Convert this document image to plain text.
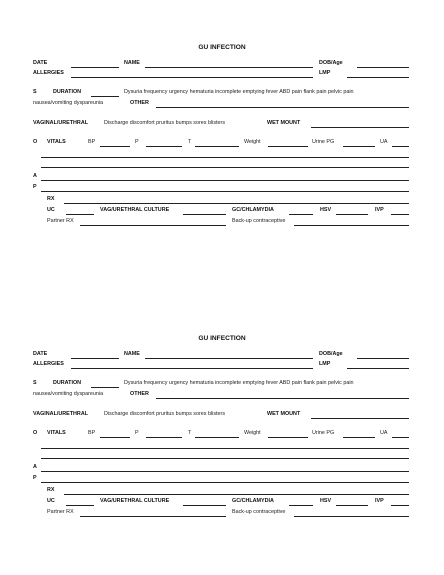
GU INFECTION
DATE	NAME	DOB/Age
ALLERGIES	LMP
S	DURATION	Dysuria frequency urgency hematuria incomplete emptying fever ABD pain flank pain pelvic pain
nausea/vomiting dyspareunia	OTHER
VAGINAL/URETHRAL	Discharge discomfort pruritus bumps sores blisters	WET MOUNT
O VITALS	BP	P	T	Weight	Urine PG	UA
A
P
RX
UC	VAG/URETHRAL CULTURE	GC/CHLAMYDIA	HSV	IVP
Partner RX	Back-up contraceptive
GU INFECTION
DATE	NAME	DOB/Age
ALLERGIES	LMP
S	DURATION	Dysuria frequency urgency hematuria incomplete emptying fever ABD pain flank pain pelvic pain
nausea/vomiting dyspareunia	OTHER
VAGINAL/URETHRAL	Discharge discomfort pruritus bumps sores blisters	WET MOUNT
O VITALS	BP	P	T	Weight	Urine PG	UA
A
P
RX
UC	VAG/URETHRAL CULTURE	GC/CHLAMYDIA	HSV	IVP
Partner RX	Back-up contraceptive
